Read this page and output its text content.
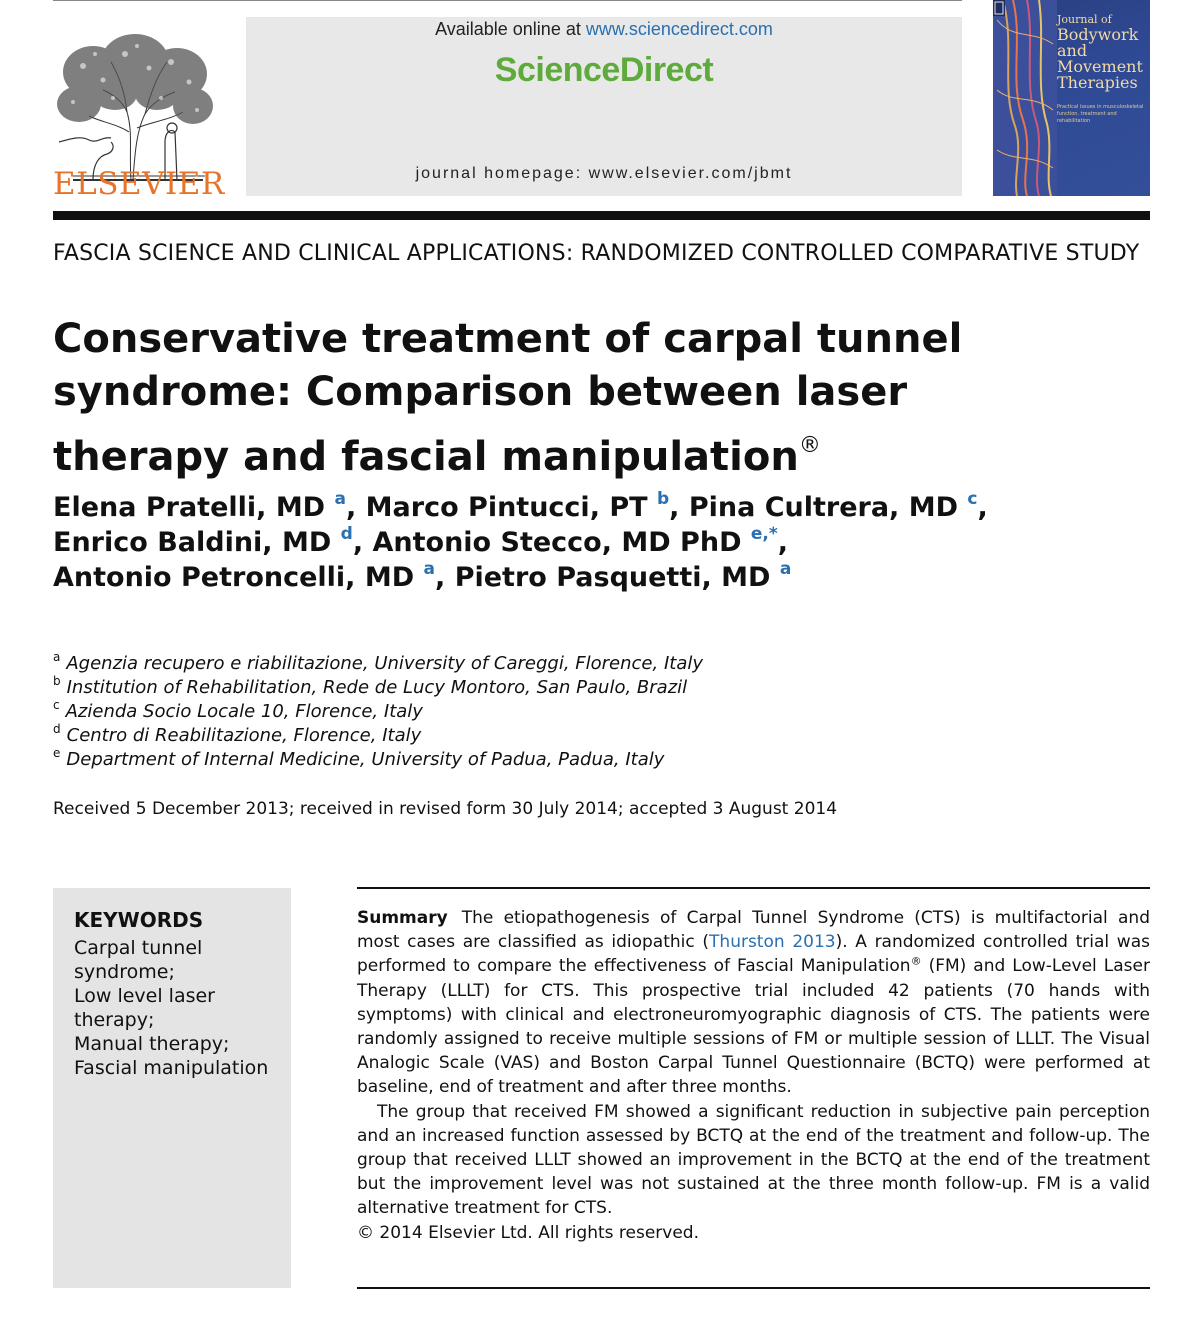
ELSEVIER
Available online at www.sciencedirect.com
ScienceDirect
journal homepage: www.elsevier.com/jbmt
Journal of
Bodywork
and
Movement
Therapies
Practical issues in musculoskeletal function, treatment and rehabilitation
FASCIA SCIENCE AND CLINICAL APPLICATIONS: RANDOMIZED CONTROLLED COMPARATIVE STUDY
Conservative treatment of carpal tunnel
syndrome: Comparison between laser
therapy and fascial manipulation®
Elena Pratelli, MD $^a$, Marco Pintucci, PT $^b$, Pina Cultrera, MD $^c$,
Enrico Baldini, MD $^d$, Antonio Stecco, MD PhD $^{e,*}$,
Antonio Petroncelli, MD $^a$, Pietro Pasquetti, MD $^a$
$^a$ Agenzia recupero e riabilitazione, University of Careggi, Florence, Italy
$^b$ Institution of Rehabilitation, Rede de Lucy Montoro, San Paulo, Brazil
$^c$ Azienda Socio Locale 10, Florence, Italy
$^d$ Centro di Reabilitazione, Florence, Italy
$^e$ Department of Internal Medicine, University of Padua, Padua, Italy
Received 5 December 2013; received in revised form 30 July 2014; accepted 3 August 2014
KEYWORDS
Carpal tunnel syndrome;
Low level laser therapy;
Manual therapy;
Fascial manipulation

Summary The etiopathogenesis of Carpal Tunnel Syndrome (CTS) is multifactorial and most cases are classified as idiopathic (Thurston 2013). A randomized controlled trial was performed to compare the effectiveness of Fascial Manipulation® (FM) and Low-Level Laser Therapy (LLLT) for CTS. This prospective trial included 42 patients (70 hands with symptoms) with clinical and electroneuromyographic diagnosis of CTS. The patients were randomly assigned to receive multiple sessions of FM or multiple session of LLLT. The Visual Analogic Scale (VAS) and Boston Carpal Tunnel Questionnaire (BCTQ) were performed at baseline, end of treatment and after three months.

The group that received FM showed a significant reduction in subjective pain perception and an increased function assessed by BCTQ at the end of the treatment and follow-up. The group that received LLLT showed an improvement in the BCTQ at the end of the treatment but the improvement level was not sustained at the three month follow-up. FM is a valid alternative treatment for CTS.

© 2014 Elsevier Ltd. All rights reserved.
